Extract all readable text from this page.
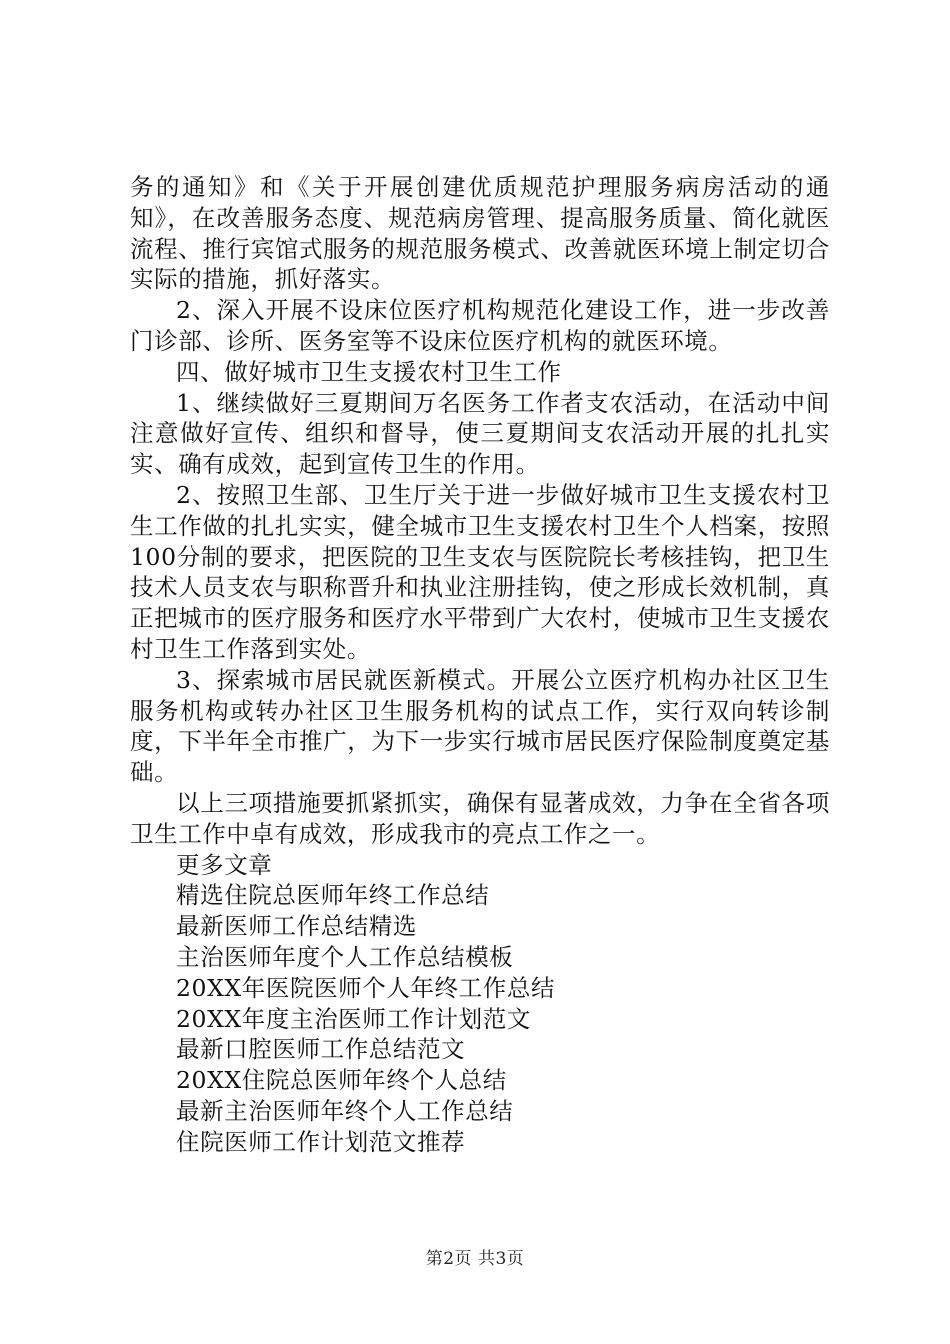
务的通知》和《关于开展创建优质规范护理服务病房活动的通知》，在改善服务态度、规范病房管理、提高服务质量、简化就医流程、推行宾馆式服务的规范服务模式、改善就医环境上制定切合实际的措施，抓好落实。

2、深入开展不设床位医疗机构规范化建设工作，进一步改善门诊部、诊所、医务室等不设床位医疗机构的就医环境。

四、做好城市卫生支援农村卫生工作

1、继续做好三夏期间万名医务工作者支农活动，在活动中间注意做好宣传、组织和督导，使三夏期间支农活动开展的扎扎实实、确有成效，起到宣传卫生的作用。

2、按照卫生部、卫生厅关于进一步做好城市卫生支援农村卫生工作做的扎扎实实，健全城市卫生支援农村卫生个人档案，按照100分制的要求，把医院的卫生支农与医院院长考核挂钩，把卫生技术人员支农与职称晋升和执业注册挂钩，使之形成长效机制，真正把城市的医疗服务和医疗水平带到广大农村，使城市卫生支援农村卫生工作落到实处。

3、探索城市居民就医新模式。开展公立医疗机构办社区卫生服务机构或转办社区卫生服务机构的试点工作，实行双向转诊制度，下半年全市推广，为下一步实行城市居民医疗保险制度奠定基础。

以上三项措施要抓紧抓实，确保有显著成效，力争在全省各项卫生工作中卓有成效，形成我市的亮点工作之一。

更多文章

精选住院总医师年终工作总结
最新医师工作总结精选
主治医师年度个人工作总结模板
20XX年医院医师个人年终工作总结
20XX年度主治医师工作计划范文
最新口腔医师工作总结范文
20XX住院总医师年终个人总结
最新主治医师年终个人工作总结
住院医师工作计划范文推荐
第2页 共3页
